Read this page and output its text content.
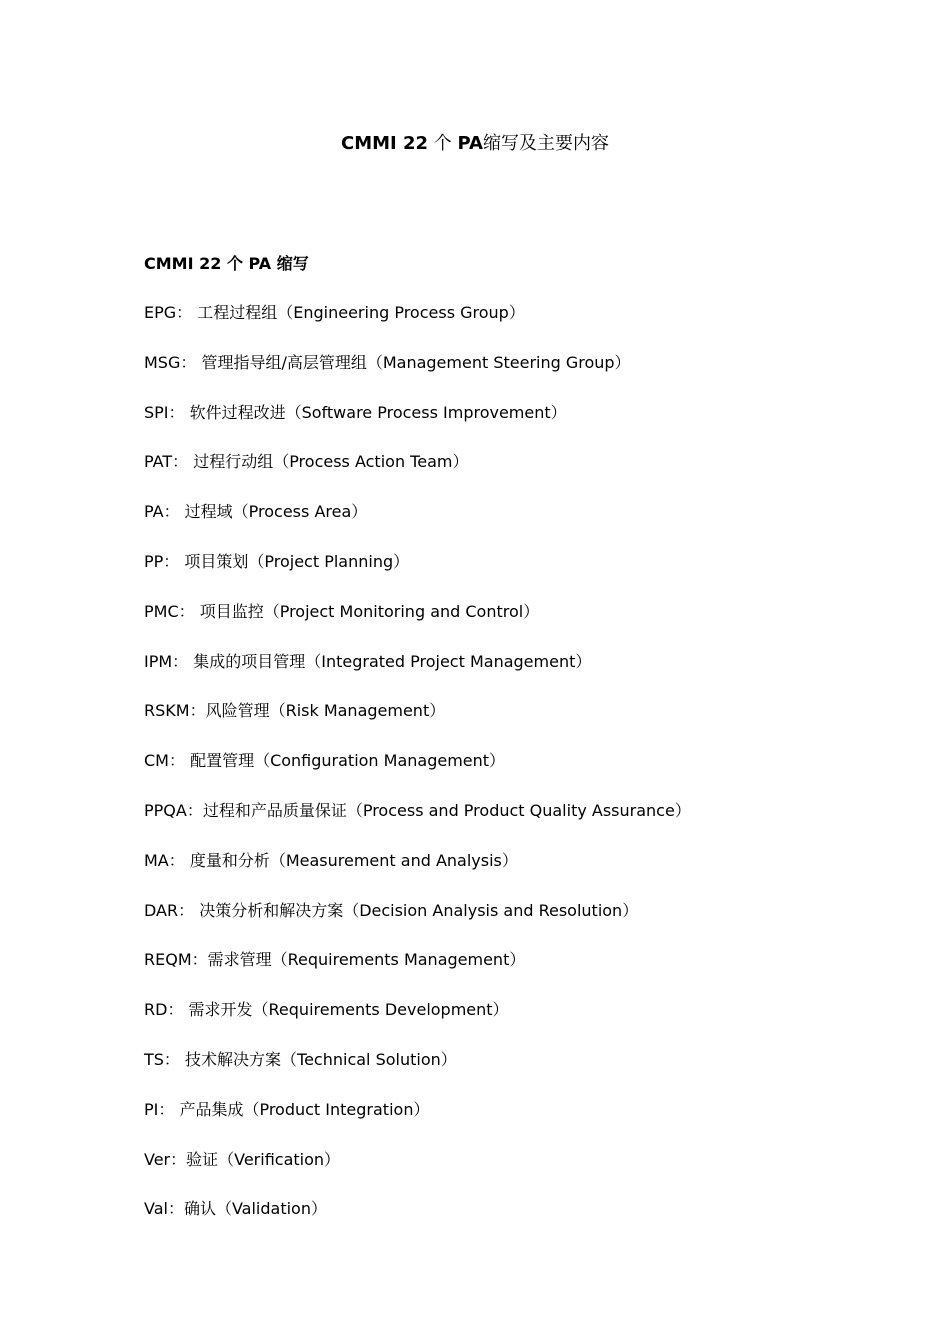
CMMI 22 个 PA缩写及主要内容
CMMI 22 个 PA 缩写
EPG： 工程过程组（Engineering Process Group）
MSG： 管理指导组/高层管理组（Management Steering Group）
SPI： 软件过程改进（Software Process Improvement）
PAT： 过程行动组（Process Action Team）
PA： 过程域（Process Area）
PP： 项目策划（Project Planning）
PMC： 项目监控（Project Monitoring and Control）
IPM： 集成的项目管理（Integrated Project Management）
RSKM：风险管理（Risk Management）
CM： 配置管理（Configuration Management）
PPQA：过程和产品质量保证（Process and Product Quality Assurance）
MA： 度量和分析（Measurement and Analysis）
DAR： 决策分析和解决方案（Decision Analysis and Resolution）
REQM：需求管理（Requirements Management）
RD： 需求开发（Requirements Development）
TS： 技术解决方案（Technical Solution）
PI： 产品集成（Product Integration）
Ver：验证（Verification）
Val：确认（Validation）
